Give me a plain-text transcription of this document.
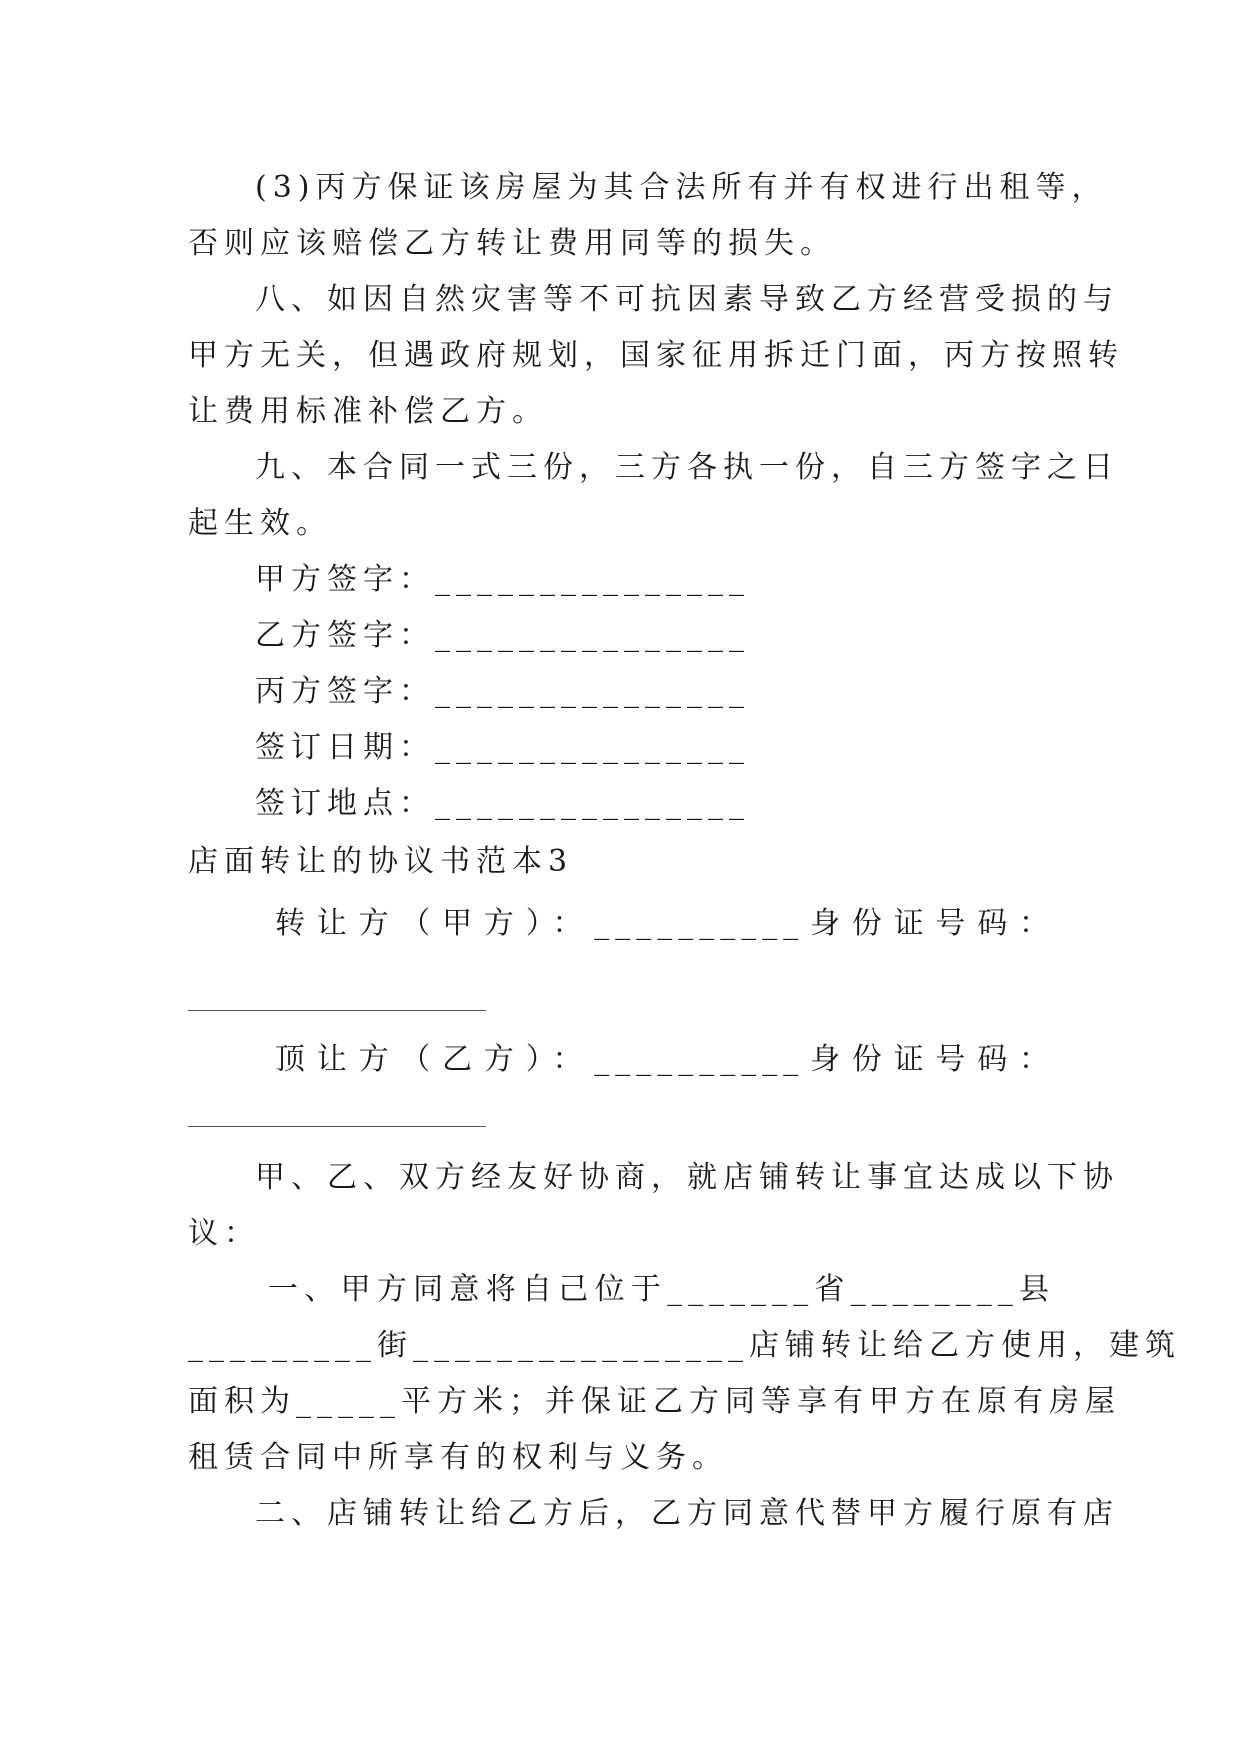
(3)丙方保证该房屋为其合法所有并有权进行出租等，
否则应该赔偿乙方转让费用同等的损失。
八、如因自然灾害等不可抗因素导致乙方经营受损的与
甲方无关，但遇政府规划，国家征用拆迁门面，丙方按照转
让费用标准补偿乙方。
九、本合同一式三份，三方各执一份，自三方签字之日
起生效。
甲方签字：_______________
乙方签字：_______________
丙方签字：_______________
签订日期：_______________
签订地点：_______________
店面转让的协议书范本3
转让方（甲方）：__________身份证号码：
顶让方（乙方）：__________身份证号码：
甲、乙、双方经友好协商，就店铺转让事宜达成以下协
议：
一、甲方同意将自己位于_______省________县
_________街________________店铺转让给乙方使用，建筑
面积为_____平方米；并保证乙方同等享有甲方在原有房屋
租赁合同中所享有的权利与义务。
二、店铺转让给乙方后，乙方同意代替甲方履行原有店
